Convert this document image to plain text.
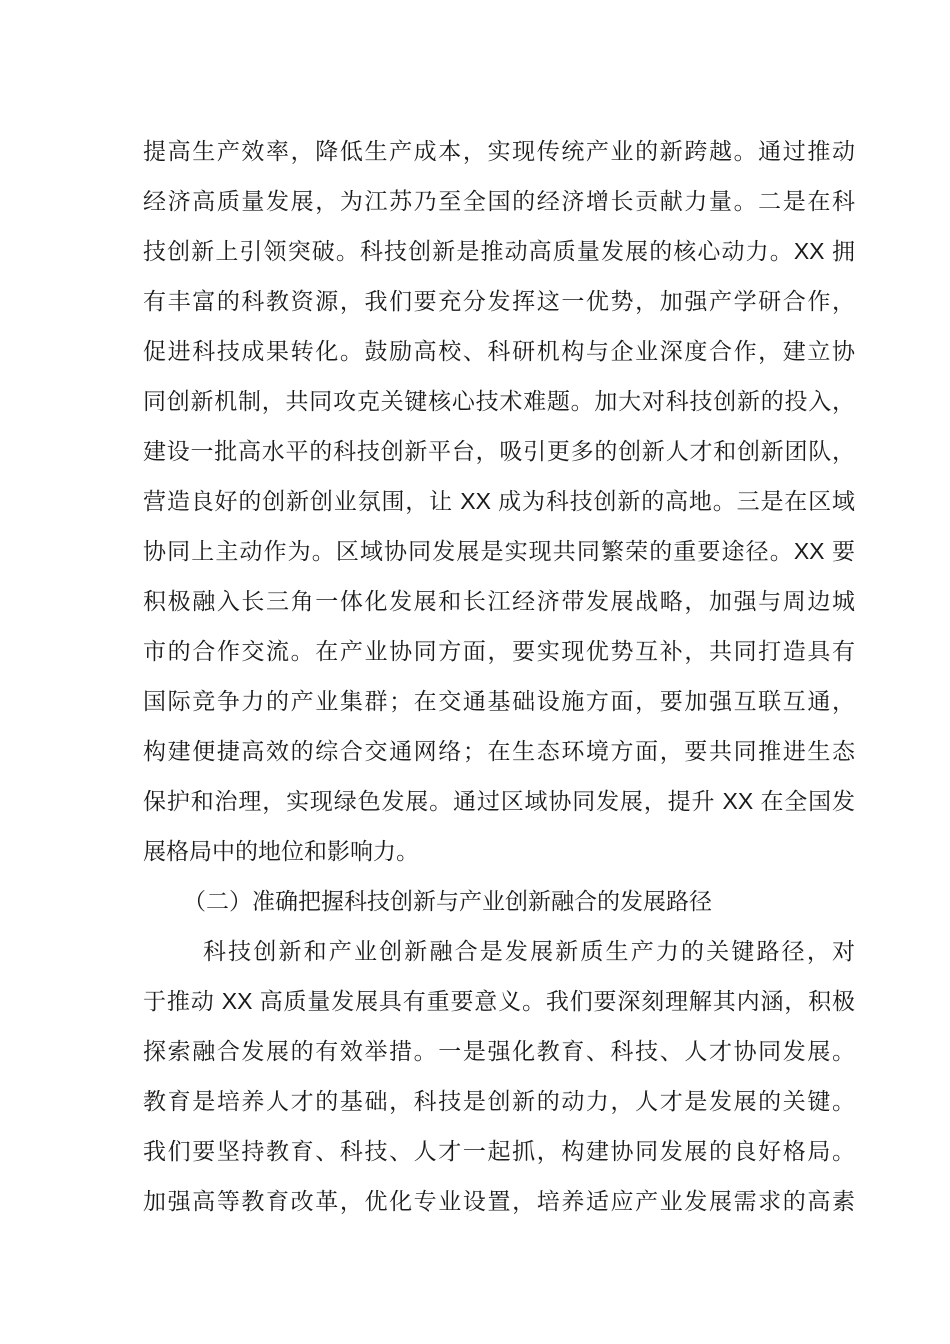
提高生产效率，降低生产成本，实现传统产业的新跨越。通过推动
经济高质量发展，为江苏乃至全国的经济增长贡献力量。二是在科
技创新上引领突破。科技创新是推动高质量发展的核心动力。XX 拥
有丰富的科教资源，我们要充分发挥这一优势，加强产学研合作，
促进科技成果转化。鼓励高校、科研机构与企业深度合作，建立协
同创新机制，共同攻克关键核心技术难题。加大对科技创新的投入，
建设一批高水平的科技创新平台，吸引更多的创新人才和创新团队，
营造良好的创新创业氛围，让 XX 成为科技创新的高地。三是在区域
协同上主动作为。区域协同发展是实现共同繁荣的重要途径。XX 要
积极融入长三角一体化发展和长江经济带发展战略，加强与周边城
市的合作交流。在产业协同方面，要实现优势互补，共同打造具有
国际竞争力的产业集群；在交通基础设施方面，要加强互联互通，
构建便捷高效的综合交通网络；在生态环境方面，要共同推进生态
保护和治理，实现绿色发展。通过区域协同发展，提升 XX 在全国发
展格局中的地位和影响力。
（二）准确把握科技创新与产业创新融合的发展路径
科技创新和产业创新融合是发展新质生产力的关键路径，对
于推动 XX 高质量发展具有重要意义。我们要深刻理解其内涵，积极
探索融合发展的有效举措。一是强化教育、科技、人才协同发展。
教育是培养人才的基础，科技是创新的动力，人才是发展的关键。
我们要坚持教育、科技、人才一起抓，构建协同发展的良好格局。
加强高等教育改革，优化专业设置，培养适应产业发展需求的高素
